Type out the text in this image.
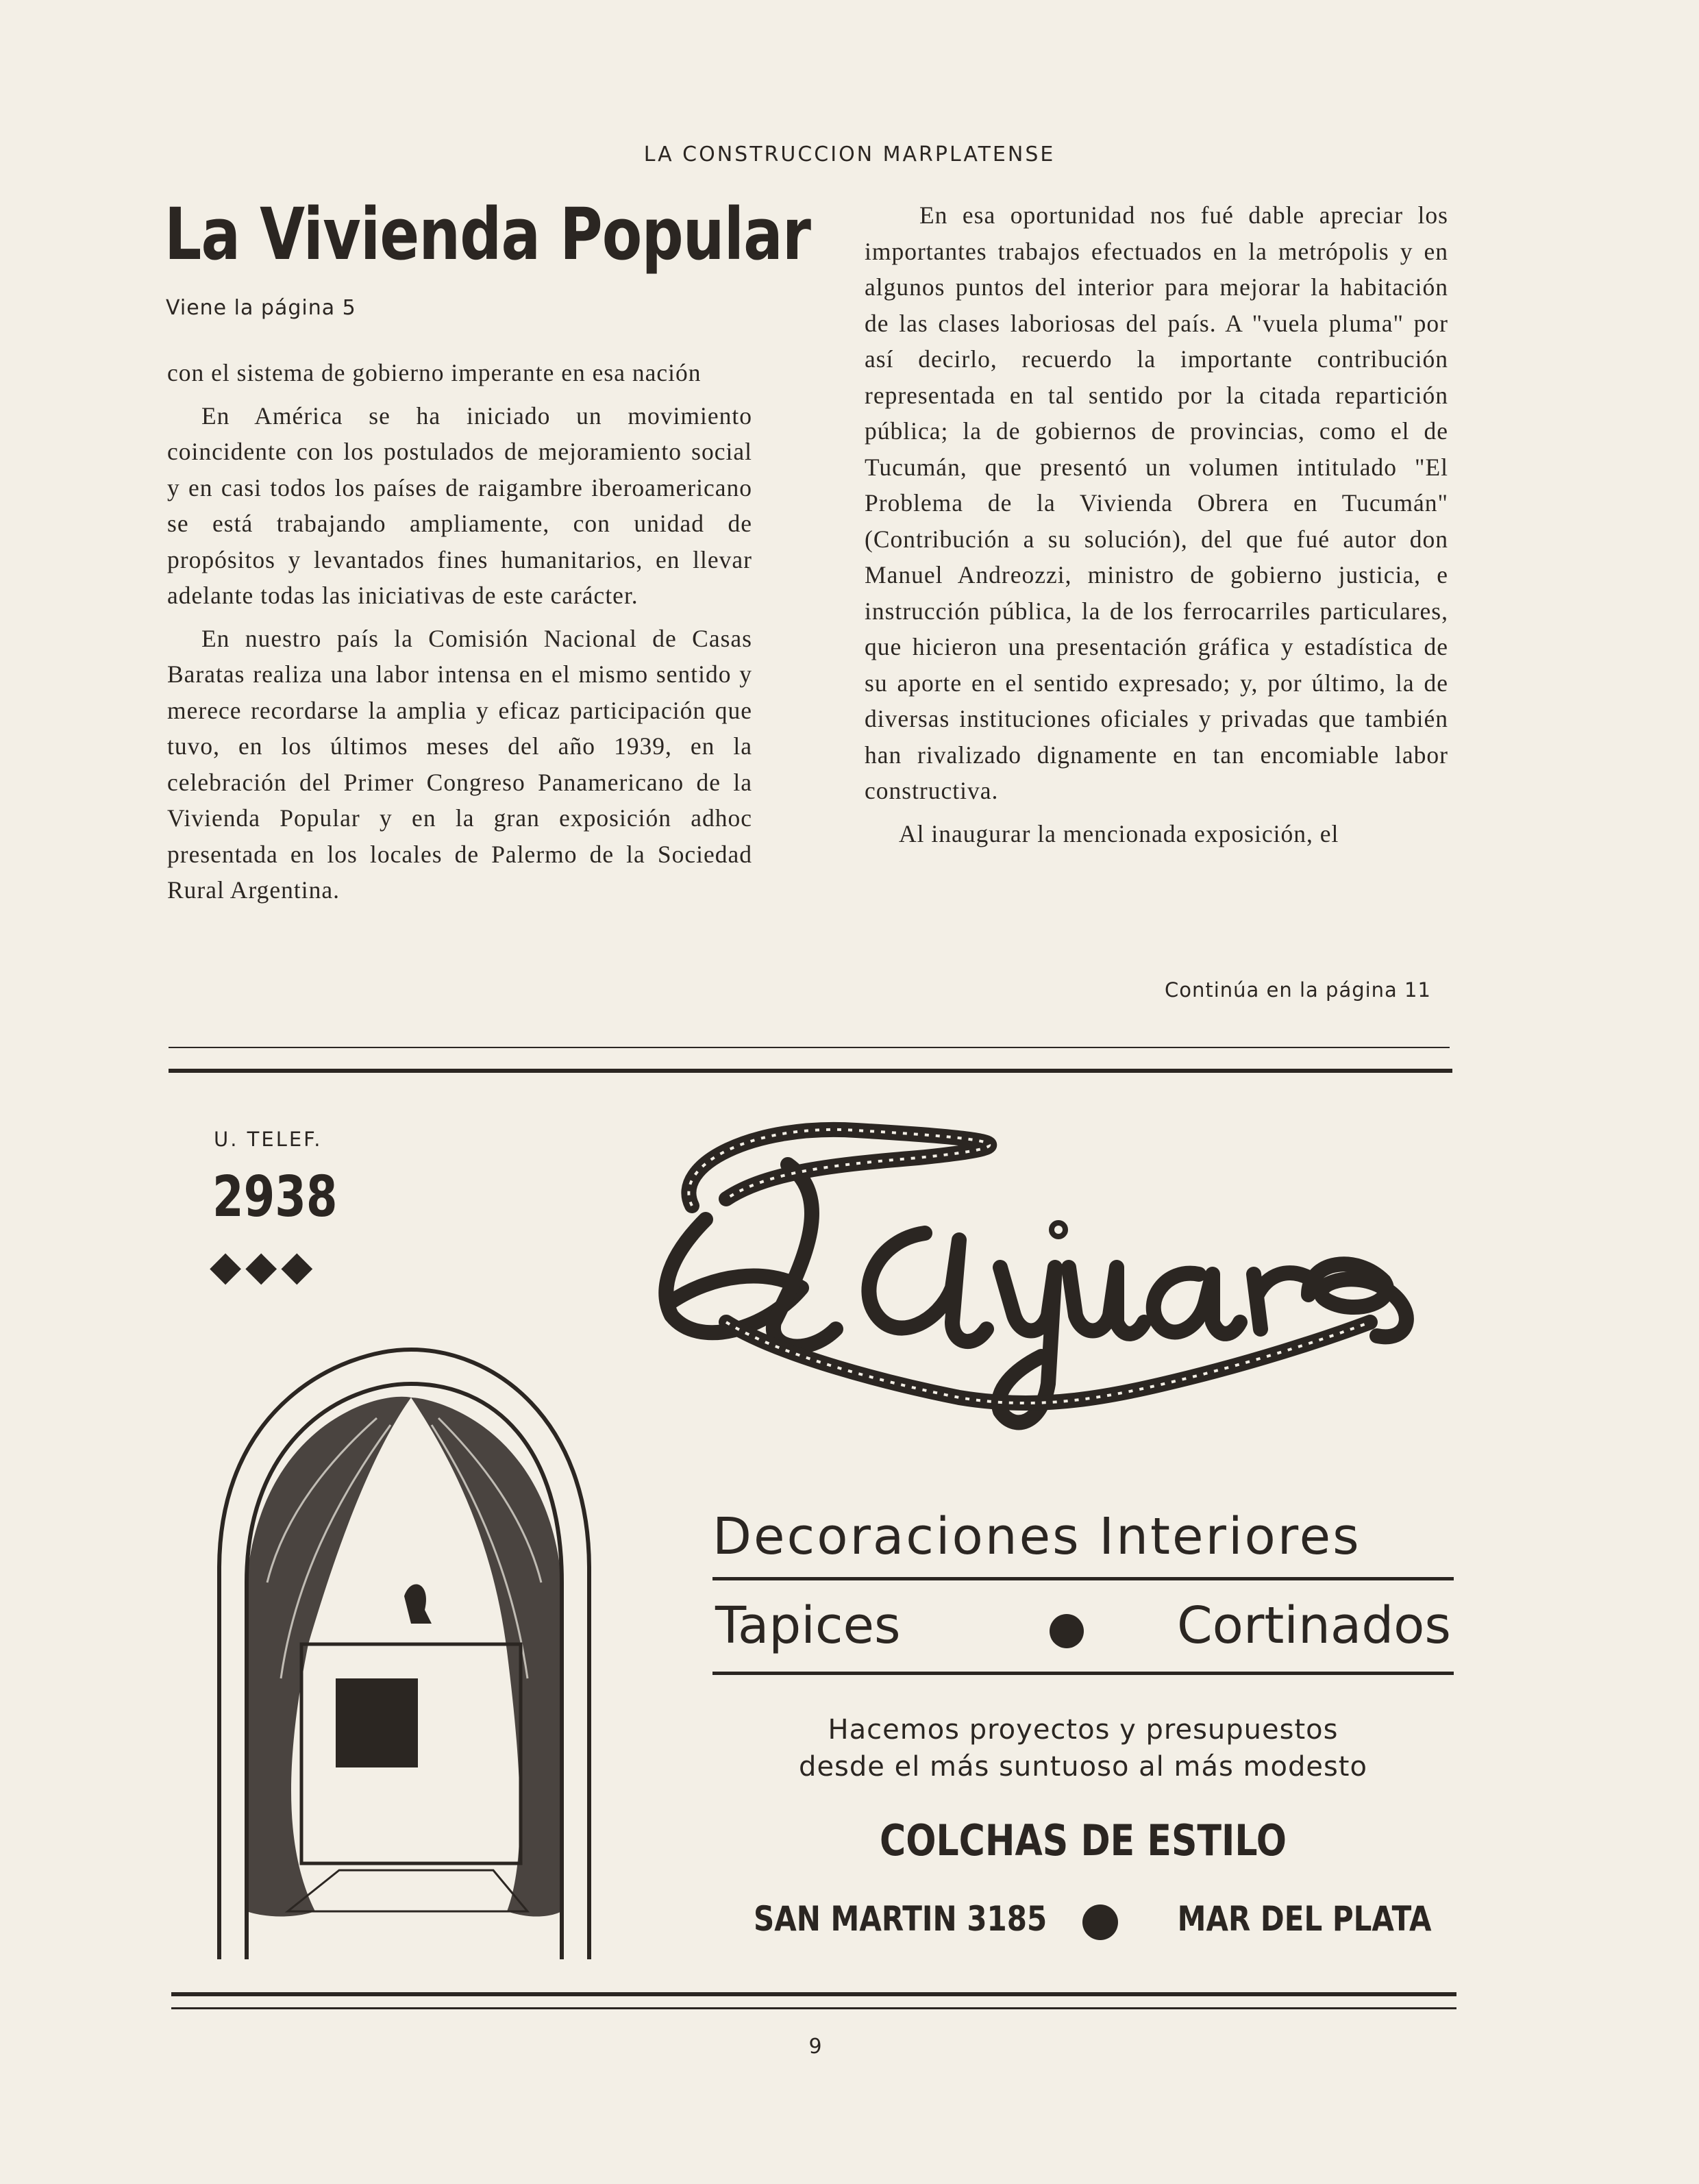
LA CONSTRUCCION MARPLATENSE
La Vivienda Popular
Viene la página 5

con el sistema de gobierno imperante en esa nación

En América se ha iniciado un movimiento coincidente con los postulados de mejoramiento social y en casi todos los países de raigambre iberoamericano se está trabajando ampliamente, con unidad de propósitos y levantados fines humanitarios, en llevar adelante todas las iniciativas de este carácter.

En nuestro país la Comisión Nacional de Casas Baratas realiza una labor intensa en el mismo sentido y merece recordarse la amplia y eficaz participación que tuvo, en los últimos meses del año 1939, en la celebración del Primer Congreso Panamericano de la Vivienda Popular y en la gran exposición adhoc presentada en los locales de Palermo de la Sociedad Rural Argentina.

En esa oportunidad nos fué dable apreciar los importantes trabajos efectuados en la metrópolis y en algunos puntos del interior para mejorar la habitación de las clases laboriosas del país. A "vuela pluma" por así decirlo, recuerdo la importante contribución representada en tal sentido por la citada repartición pública; la de gobiernos de provincias, como el de Tucumán, que presentó un volumen intitulado "El Problema de la Vivienda Obrera en Tucumán" (Contribución a su solución), del que fué autor don Manuel Andreozzi, ministro de gobierno justicia, e instrucción pública, la de los ferrocarriles particulares, que hicieron una presentación gráfica y estadística de su aporte en el sentido expresado; y, por último, la de diversas instituciones oficiales y privadas que también han rivalizado dignamente en tan encomiable labor constructiva.

Al inaugurar la mencionada exposición, el

Continúa en la página 11
U. TELEF.
2938
◆◆◆
Decoraciones Interiores
Tapices	Cortinados
Hacemos proyectos y presupuestos
desde el más suntuoso al más modesto
COLCHAS DE ESTILO
SAN MARTIN 3185	MAR DEL PLATA
9
